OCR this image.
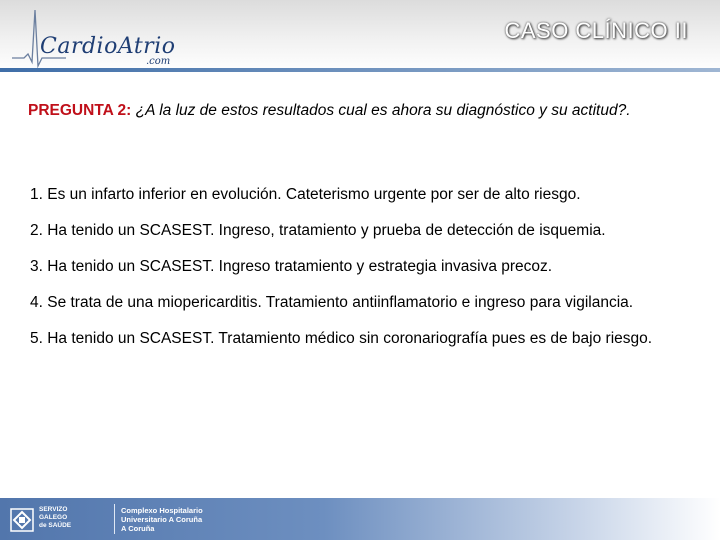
CardioAtrio
.com
CASO CLÍNICO II
PREGUNTA 2: ¿A la luz de estos resultados cual es ahora su diagnóstico y su actitud?.
1. Es un infarto inferior en evolución. Cateterismo urgente por ser de alto riesgo.
2. Ha tenido un SCASEST. Ingreso, tratamiento y prueba de detección de isquemia.
3. Ha tenido un SCASEST. Ingreso tratamiento y estrategia invasiva precoz.
4. Se trata de una miopericarditis. Tratamiento antiinflamatorio e ingreso para vigilancia.
5. Ha tenido un SCASEST. Tratamiento médico sin coronariografía pues es de bajo riesgo.
SERVIZO
GALEGO
de SAÚDE
Complexo Hospitalario
Universitario A Coruña
A Coruña
